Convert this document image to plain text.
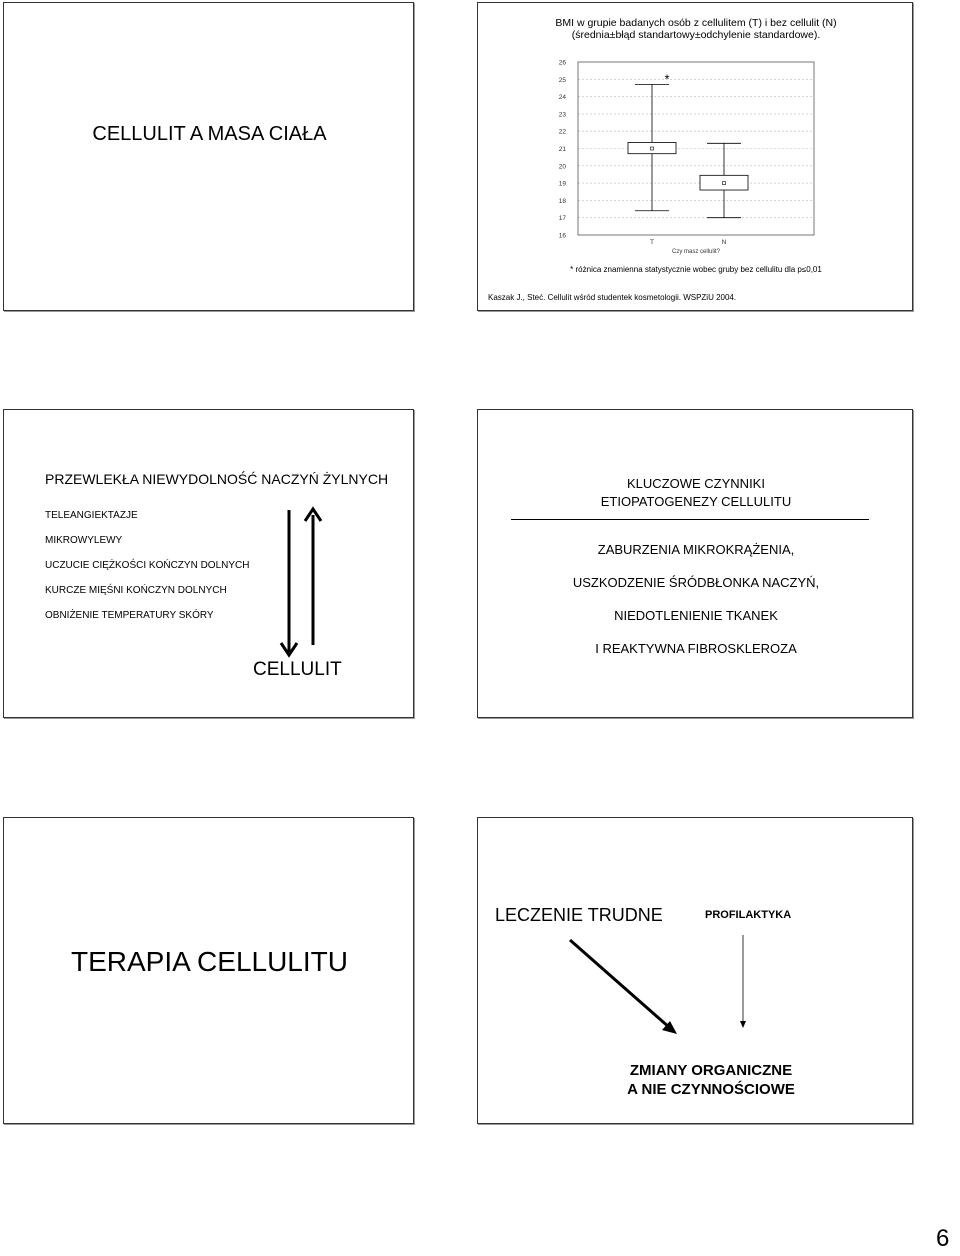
CELLULIT A MASA CIAŁA
BMI w grupie badanych osób z cellulitem (T) i bez cellulit (N)
(średnia±błąd standartowy±odchylenie standardowe).
26
25
24
23
22
21
20
19
18
17
16
T	N
*
Czy masz cellulit?
* różnica znamienna statystycznie wobec gruby bez cellulitu dla p≤0,01
Kaszak J., Steć. Cellulit wśród studentek kosmetologii. WSPZiU 2004.
PRZEWLEKŁA NIEWYDOLNOŚĆ NACZYŃ ŻYLNYCH
TELEANGIEKTAZJE
MIKROWYLEWY
UCZUCIE CIĘŻKOŚCI KOŃCZYN DOLNYCH
KURCZE MIĘŚNI KOŃCZYN DOLNYCH
OBNIŻENIE TEMPERATURY SKÓRY
CELLULIT
KLUCZOWE CZYNNIKI
ETIOPATOGENEZY CELLULITU
ZABURZENIA MIKROKRĄŻENIA,
USZKODZENIE ŚRÓDBŁONKA NACZYŃ,
NIEDOTLENIENIE TKANEK
I REAKTYWNA FIBROSKLEROZA
TERAPIA CELLULITU
LECZENIE TRUDNE	PROFILAKTYKA
ZMIANY ORGANICZNE
A NIE CZYNNOŚCIOWE
6
